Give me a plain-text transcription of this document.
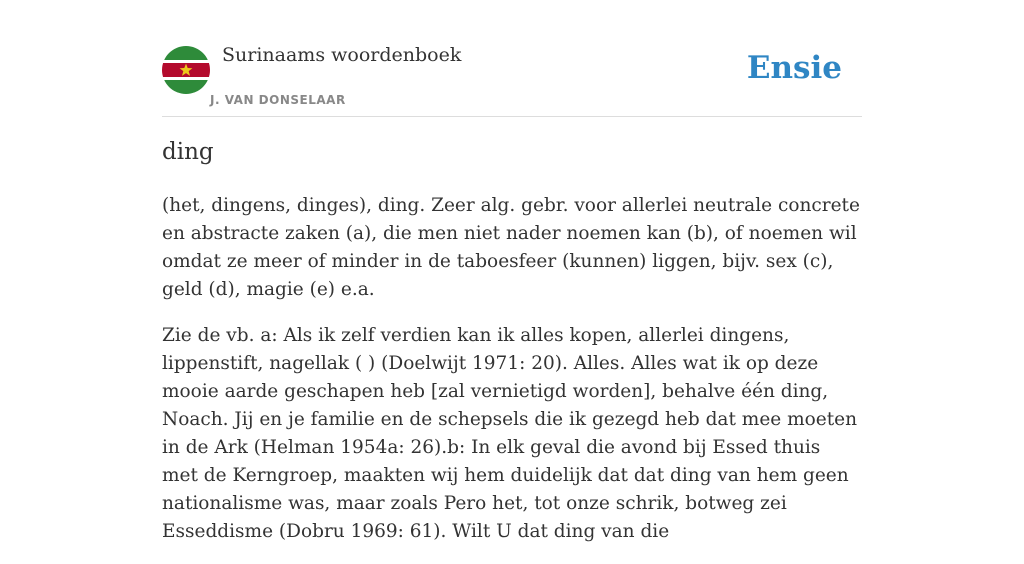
Surinaams woordenboek
J. VAN DONSELAAR
Ensie
ding

(het, dingens, dinges), ding. Zeer alg. gebr. voor allerlei neutrale concrete en abstracte zaken (a), die men niet nader noemen kan (b), of noemen wil omdat ze meer of minder in de taboesfeer (kunnen) liggen, bijv. sex (c), geld (d), magie (e) e.a.

Zie de vb. a: Als ik zelf verdien kan ik alles kopen, allerlei dingens, lippenstift, nagellak ( ) (Doelwijt 1971: 20). Alles. Alles wat ik op deze mooie aarde geschapen heb [zal vernietigd worden], behalve één ding, Noach. Jij en je familie en de schepsels die ik gezegd heb dat mee moeten in de Ark (Helman 1954a: 26).b: In elk geval die avond bij Essed thuis met de Kerngroep, maakten wij hem duidelijk dat dat ding van hem geen nationalisme was, maar zoals Pero het, tot onze schrik, botweg zei Esseddisme (Dobru 1969: 61). Wilt U dat ding van die
